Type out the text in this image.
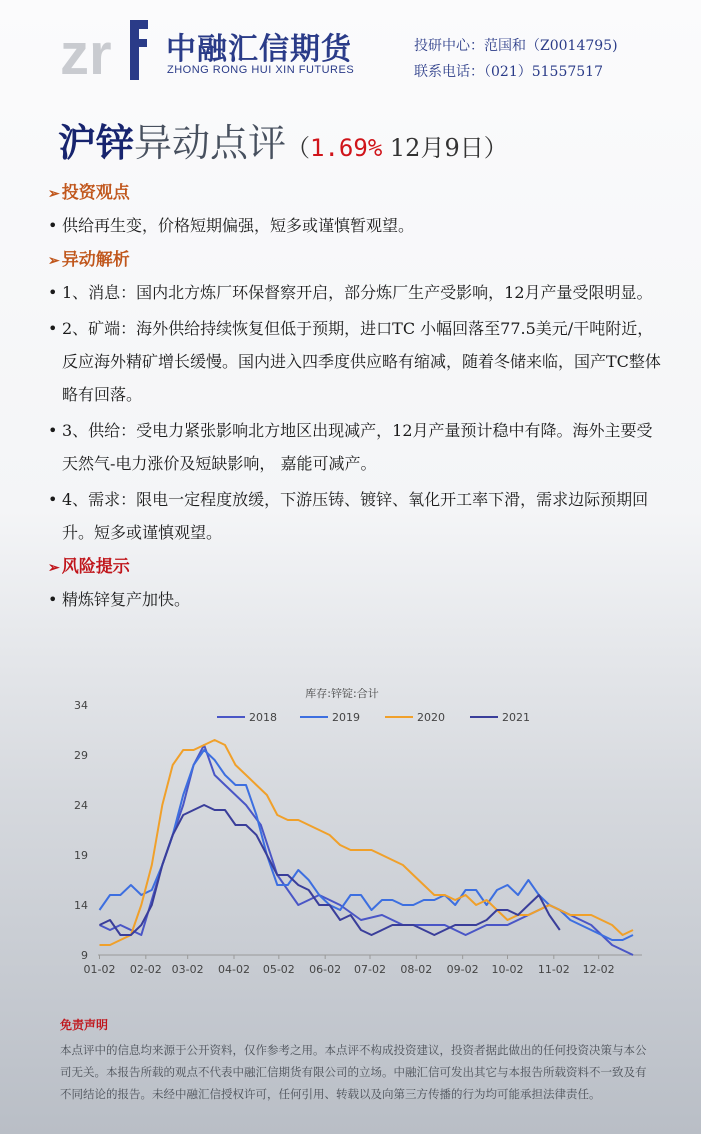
zr 中融汇信期货
ZHONG RONG HUI XIN FUTURES
投研中心：范国和（Z0014795)
联系电话：（021）51557517
沪锌异动点评（1.69% 12月9日）
➢ 投资观点
• 供给再生变，价格短期偏强，短多或谨慎暂观望。
➢ 异动解析
• 1、消息：国内北方炼厂环保督察开启，部分炼厂生产受影响，12月产量受限明显。
• 2、矿端：海外供给持续恢复但低于预期，进口TC 小幅回落至77.5美元/干吨附近，反应海外精矿增长缓慢。国内进入四季度供应略有缩减，随着冬储来临，国产TC整体略有回落。
• 3、供给：受电力紧张影响北方地区出现减产，12月产量预计稳中有降。海外主要受天然气-电力涨价及短缺影响， 嘉能可减产。
• 4、需求：限电一定程度放缓，下游压铸、镀锌、氧化开工率下滑，需求边际预期回升。短多或谨慎观望。
➢ 风险提示
• 精炼锌复产加快。
库存:锌锭:合计
2018	2019	2020	2021
9
14
19
24
29
34
01-02 02-02 03-02 04-02 05-02 06-02 07-02 08-02 09-02 10-02 11-02 12-02
免责声明
本点评中的信息均来源于公开资料，仅作参考之用。本点评不构成投资建议，投资者据此做出的任何投资决策与本公司无关。本报告所载的观点不代表中融汇信期货有限公司的立场。中融汇信可发出其它与本报告所载资料不一致及有不同结论的报告。未经中融汇信授权许可，任何引用、转载以及向第三方传播的行为均可能承担法律责任。
